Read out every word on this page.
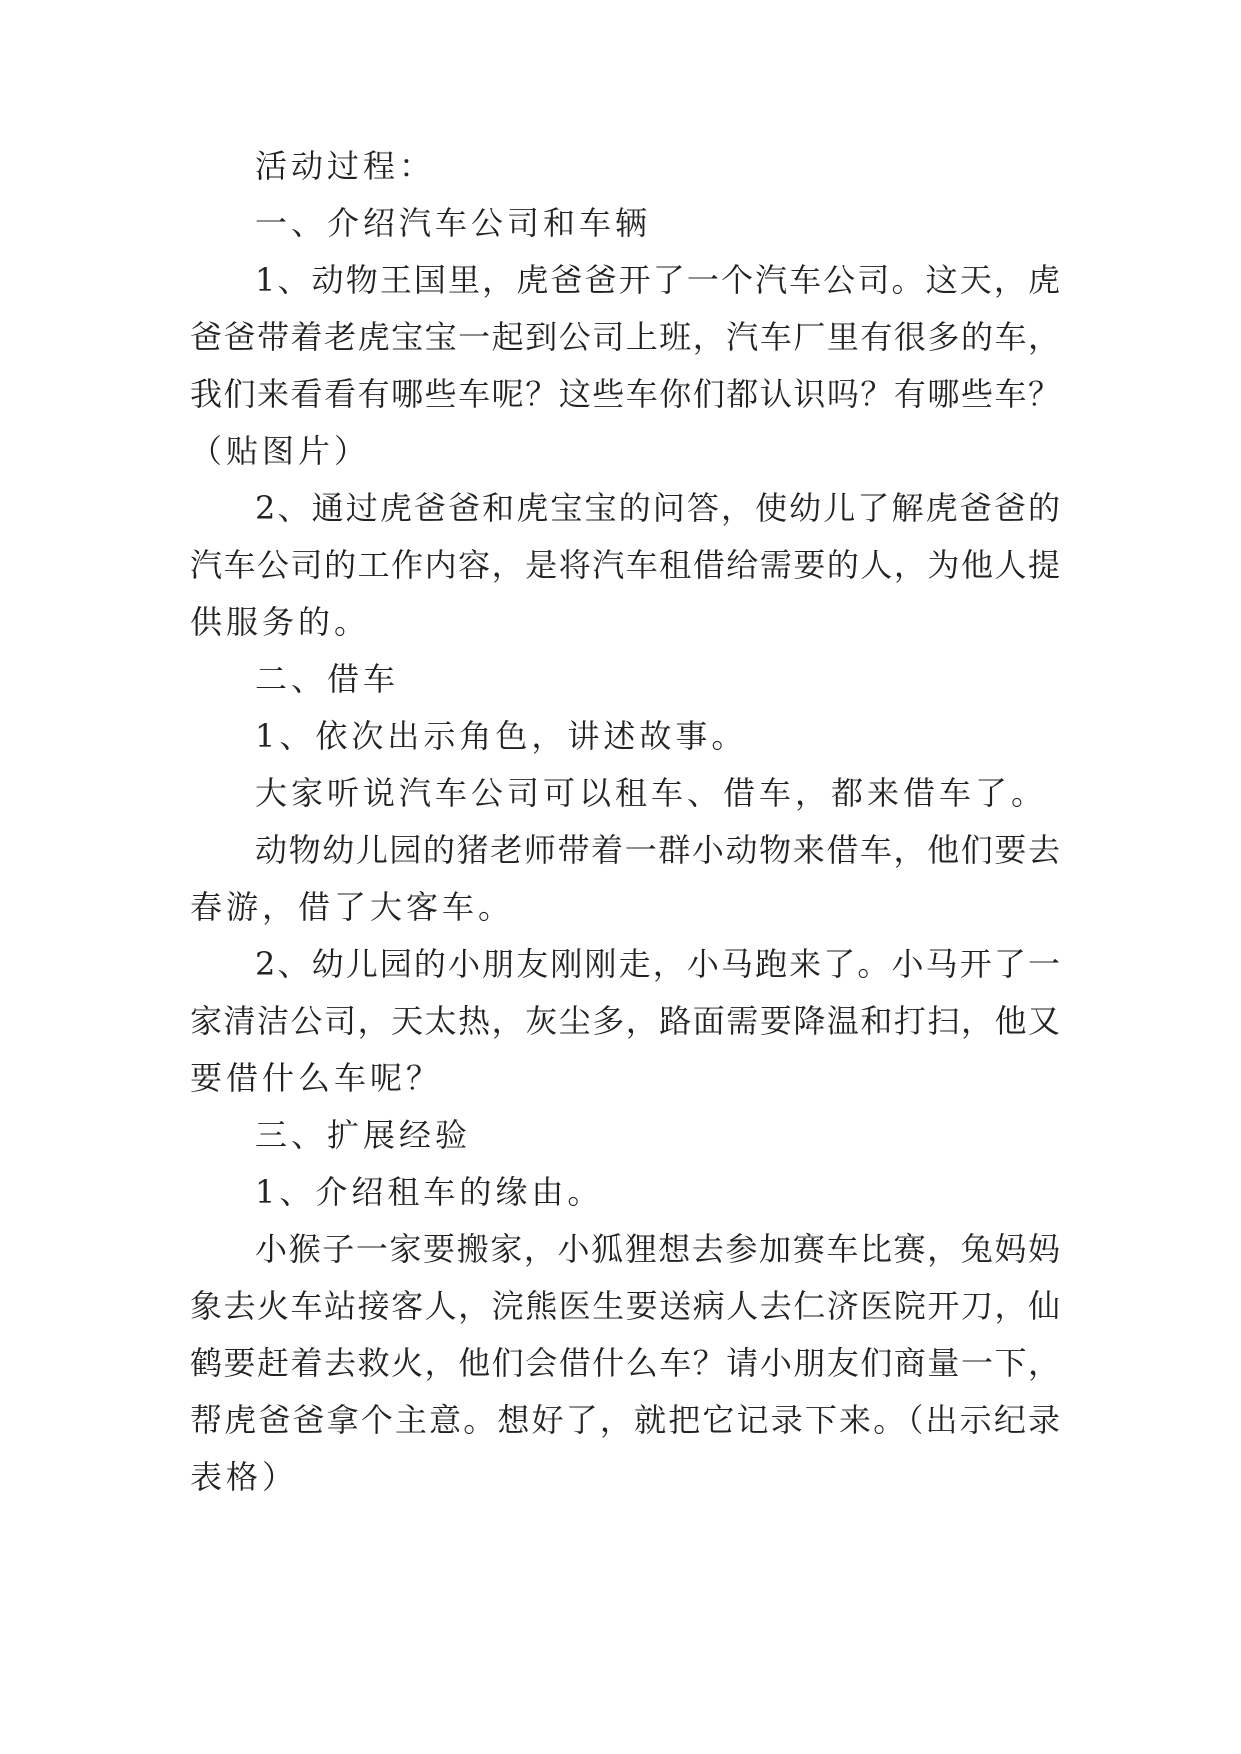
活动过程：
一、介绍汽车公司和车辆
1、动物王国里，虎爸爸开了一个汽车公司。这天，虎
爸爸带着老虎宝宝一起到公司上班，汽车厂里有很多的车，
我们来看看有哪些车呢？这些车你们都认识吗？有哪些车？
（贴图片）
2、通过虎爸爸和虎宝宝的问答，使幼儿了解虎爸爸的
汽车公司的工作内容，是将汽车租借给需要的人，为他人提
供服务的。
二、借车
1、依次出示角色，讲述故事。
大家听说汽车公司可以租车、借车，都来借车了。
动物幼儿园的猪老师带着一群小动物来借车，他们要去
春游，借了大客车。
2、幼儿园的小朋友刚刚走，小马跑来了。小马开了一
家清洁公司，天太热，灰尘多，路面需要降温和打扫，他又
要借什么车呢？
三、扩展经验
1、介绍租车的缘由。
小猴子一家要搬家，小狐狸想去参加赛车比赛，兔妈妈
象去火车站接客人，浣熊医生要送病人去仁济医院开刀，仙
鹤要赶着去救火，他们会借什么车？请小朋友们商量一下，
帮虎爸爸拿个主意。想好了，就把它记录下来。（出示纪录
表格）
